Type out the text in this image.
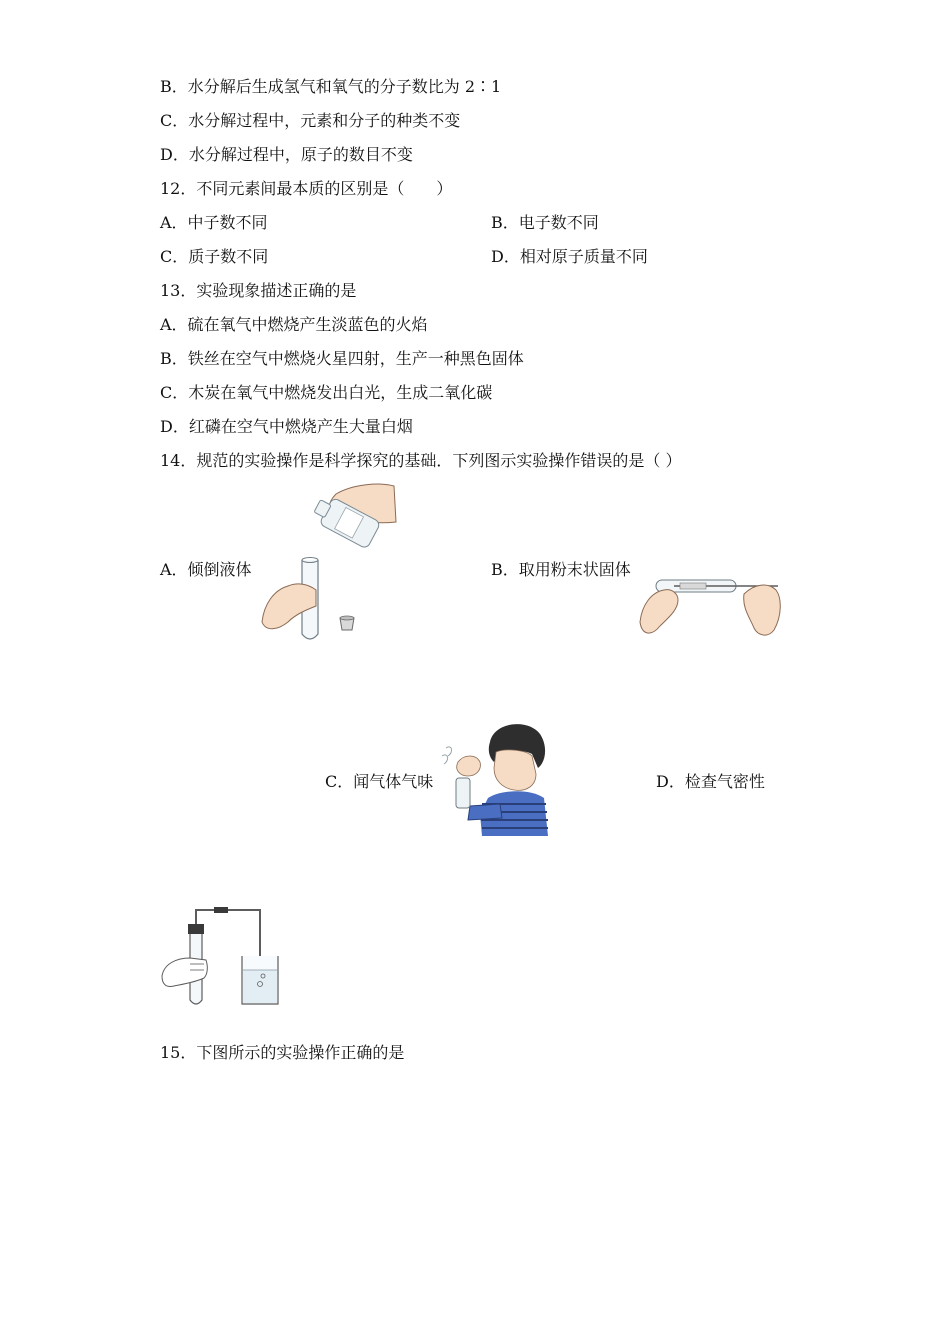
B．水分解后生成氢气和氧气的分子数比为 2∶1
C．水分解过程中，元素和分子的种类不变
D．水分解过程中，原子的数目不变
12．不同元素间最本质的区别是（　　）
A．中子数不同	B．电子数不同
C．质子数不同	D．相对原子质量不同
13．实验现象描述正确的是
A．硫在氧气中燃烧产生淡蓝色的火焰
B．铁丝在空气中燃烧火星四射，生产一种黑色固体
C．木炭在氧气中燃烧发出白光，生成二氧化碳
D．红磷在空气中燃烧产生大量白烟
14．规范的实验操作是科学探究的基础．下列图示实验操作错误的是（ ）
A．倾倒液体	B．取用粉末状固体
C．闻气体气味	D．检查气密性
15．下图所示的实验操作正确的是
